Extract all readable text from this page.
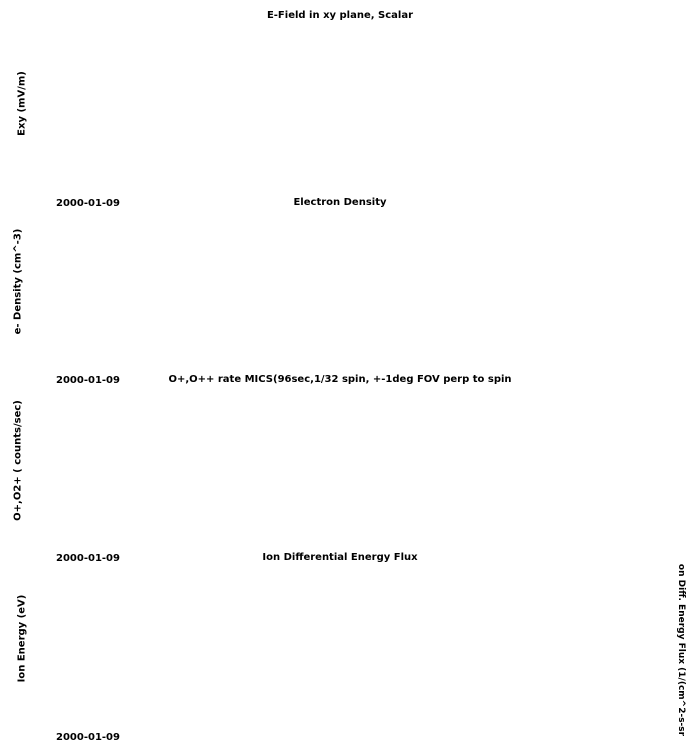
E-Field in xy plane, Scalar
Electron Density
O+,O++ rate MICS(96sec,1/32 spin, +-1deg FOV perp to spin
Ion Differential Energy Flux
Exy (mV/m)
e- Density (cm^-3)
O+,O2+ ( counts/sec)
Ion Energy (eV)
2000-01-09
2000-01-09
2000-01-09
2000-01-09
on Diff. Energy Flux (1/(cm^2-s-sr
